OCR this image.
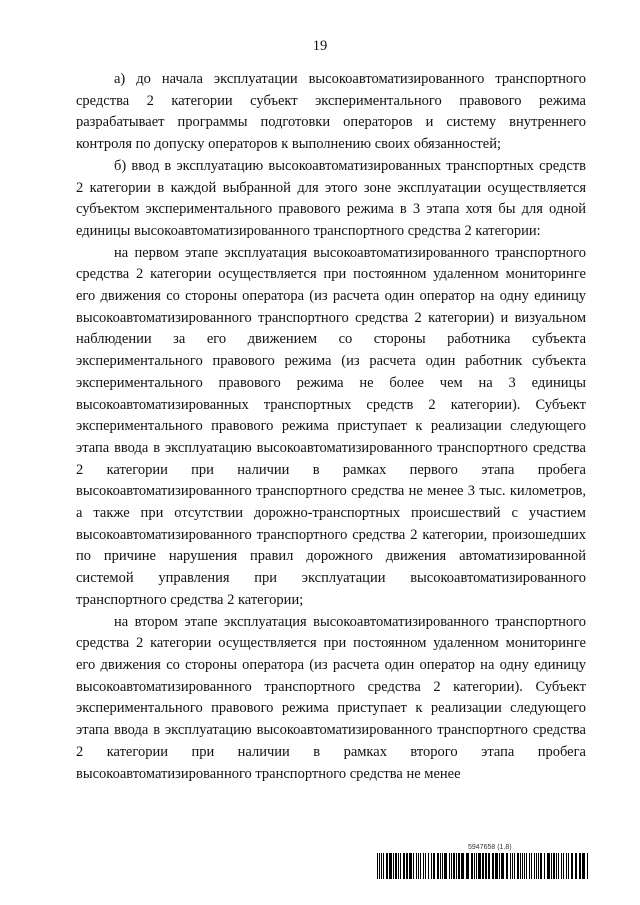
19

а) до начала эксплуатации высокоавтоматизированного транспортного средства 2 категории субъект экспериментального правового режима разрабатывает программы подготовки операторов и систему внутреннего контроля по допуску операторов к выполнению своих обязанностей;

б) ввод в эксплуатацию высокоавтоматизированных транспортных средств 2 категории в каждой выбранной для этого зоне эксплуатации осуществляется субъектом экспериментального правового режима в 3 этапа хотя бы для одной единицы высокоавтоматизированного транспортного средства 2 категории:

на первом этапе эксплуатация высокоавтоматизированного транспортного средства 2 категории осуществляется при постоянном удаленном мониторинге его движения со стороны оператора (из расчета один оператор на одну единицу высокоавтоматизированного транспортного средства 2 категории) и визуальном наблюдении за его движением со стороны работника субъекта экспериментального правового режима (из расчета один работник субъекта экспериментального правового режима не более чем на 3 единицы высокоавтоматизированных транспортных средств 2 категории). Субъект экспериментального правового режима приступает к реализации следующего этапа ввода в эксплуатацию высокоавтоматизированного транспортного средства 2 категории при наличии в рамках первого этапа пробега высокоавтоматизированного транспортного средства не менее 3 тыс. километров, а также при отсутствии дорожно-транспортных происшествий с участием высокоавтоматизированного транспортного средства 2 категории, произошедших по причине нарушения правил дорожного движения автоматизированной системой управления при эксплуатации высокоавтоматизированного транспортного средства 2 категории;

на втором этапе эксплуатация высокоавтоматизированного транспортного средства 2 категории осуществляется при постоянном удаленном мониторинге его движения со стороны оператора (из расчета один оператор на одну единицу высокоавтоматизированного транспортного средства 2 категории). Субъект экспериментального правового режима приступает к реализации следующего этапа ввода в эксплуатацию высокоавтоматизированного транспортного средства 2 категории при наличии в рамках второго этапа пробега высокоавтоматизированного транспортного средства не менее

5947658 (1.8)
